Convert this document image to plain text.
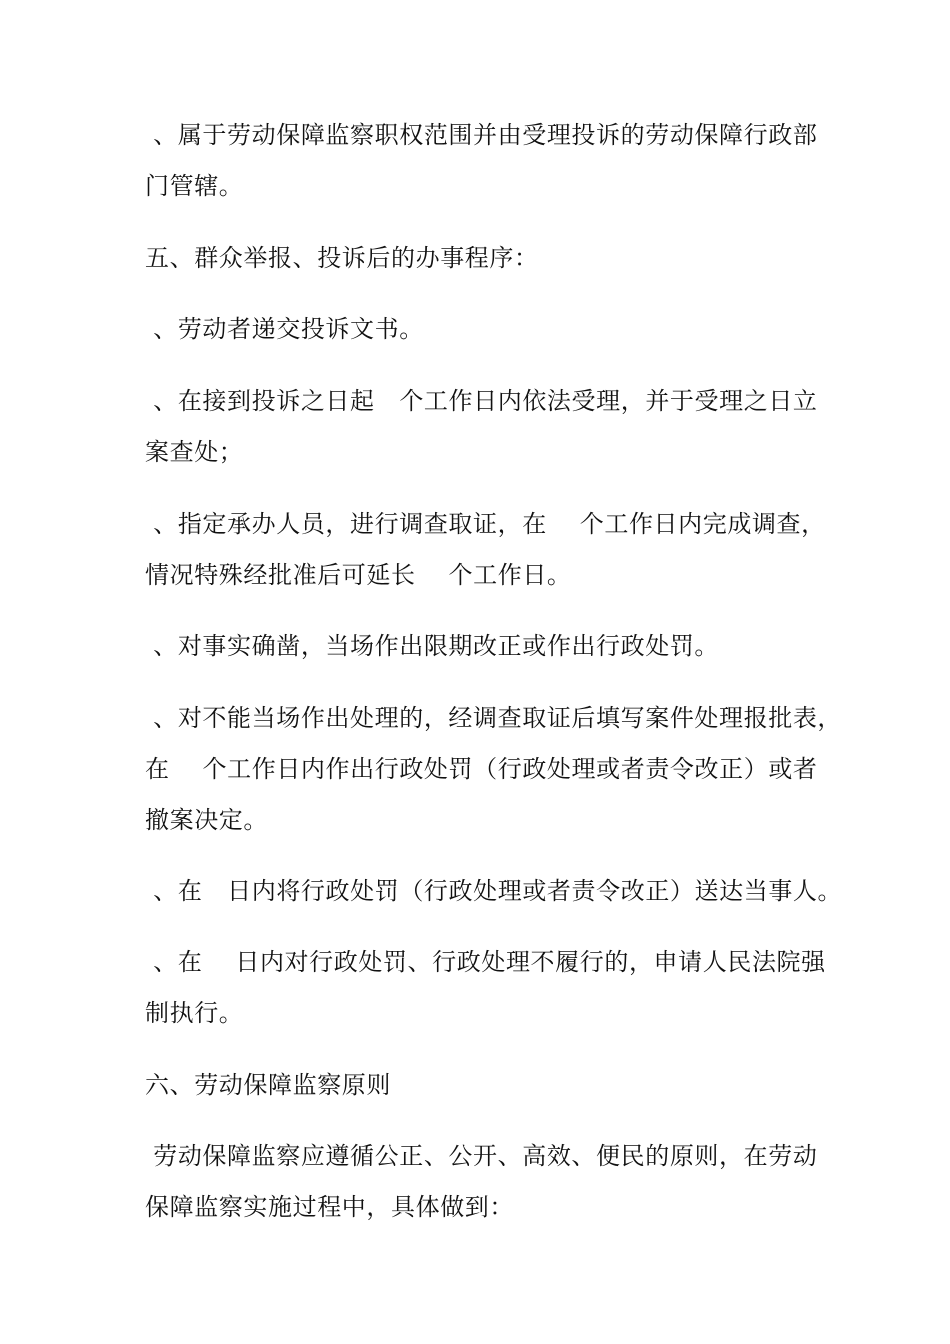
、属于劳动保障监察职权范围并由受理投诉的劳动保障行政部
门管辖。
五、群众举报、投诉后的办事程序：
、劳动者递交投诉文书。
、在接到投诉之日起   个工作日内依法受理，并于受理之日立
案查处；
、指定承办人员，进行调查取证，在    个工作日内完成调查，
情况特殊经批准后可延长    个工作日。
、对事实确凿，当场作出限期改正或作出行政处罚。
、对不能当场作出处理的，经调查取证后填写案件处理报批表，
在    个工作日内作出行政处罚（行政处理或者责令改正）或者
撤案决定。
、在   日内将行政处罚（行政处理或者责令改正）送达当事人。
、在    日内对行政处罚、行政处理不履行的，申请人民法院强
制执行。
六、劳动保障监察原则
劳动保障监察应遵循公正、公开、高效、便民的原则，在劳动
保障监察实施过程中，具体做到：
